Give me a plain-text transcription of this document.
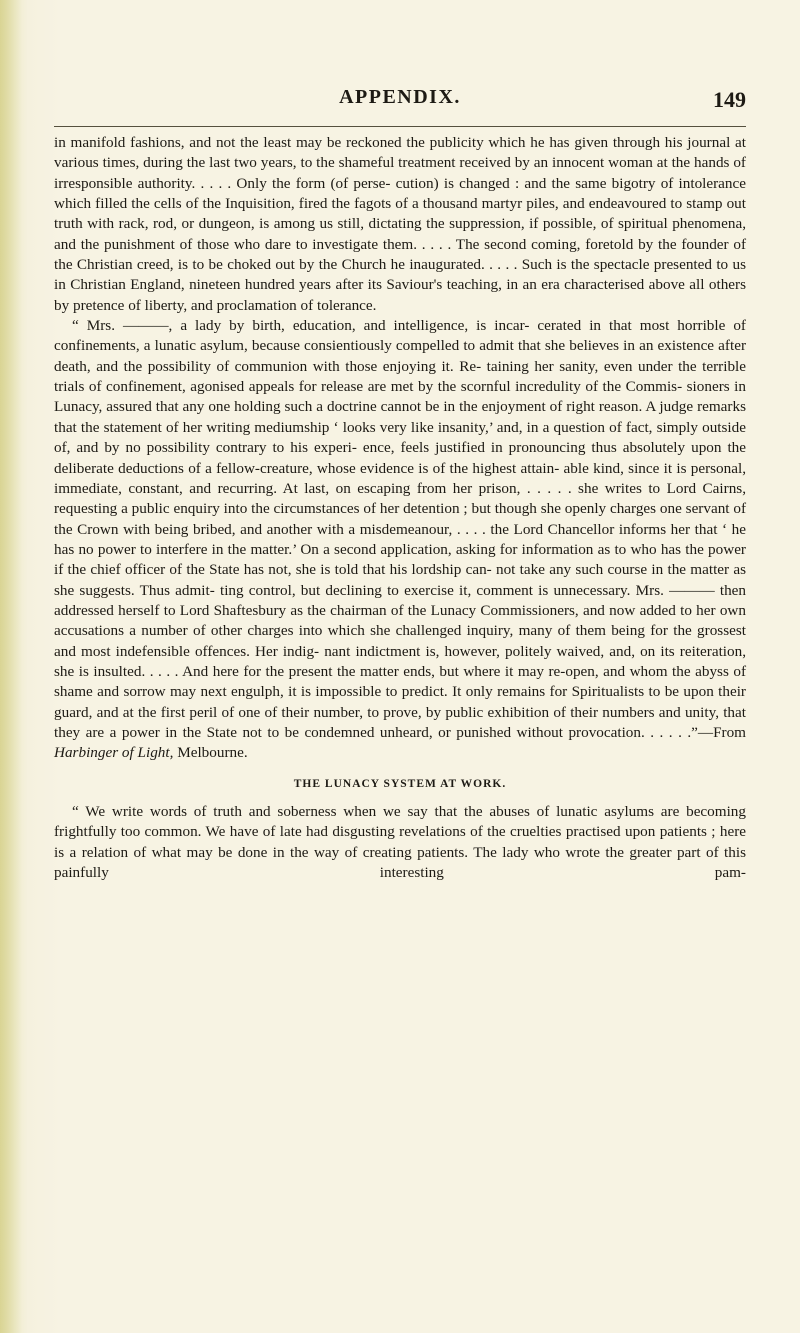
APPENDIX.	149

in manifold fashions, and not the least may be reckoned the publicity which he has given through his journal at various times, during the last two years, to the shameful treatment received by an innocent woman at the hands of irresponsible authority. . . . . Only the form (of perse- cution) is changed : and the same bigotry of intolerance which filled the cells of the Inquisition, fired the fagots of a thousand martyr piles, and endeavoured to stamp out truth with rack, rod, or dungeon, is among us still, dictating the suppression, if possible, of spiritual phenomena, and the punishment of those who dare to investigate them. . . . . The second coming, foretold by the founder of the Christian creed, is to be choked out by the Church he inaugurated. . . . . Such is the spectacle presented to us in Christian England, nineteen hundred years after its Saviour's teaching, in an era characterised above all others by pretence of liberty, and proclamation of tolerance.

“ Mrs. ———, a lady by birth, education, and intelligence, is incar- cerated in that most horrible of confinements, a lunatic asylum, because consientiously compelled to admit that she believes in an existence after death, and the possibility of communion with those enjoying it. Re- taining her sanity, even under the terrible trials of confinement, agonised appeals for release are met by the scornful incredulity of the Commis- sioners in Lunacy, assured that any one holding such a doctrine cannot be in the enjoyment of right reason. A judge remarks that the statement of her writing mediumship ‘ looks very like insanity,’ and, in a question of fact, simply outside of, and by no possibility contrary to his experi- ence, feels justified in pronouncing thus absolutely upon the deliberate deductions of a fellow-creature, whose evidence is of the highest attain- able kind, since it is personal, immediate, constant, and recurring. At last, on escaping from her prison, . . . . . she writes to Lord Cairns, requesting a public enquiry into the circumstances of her detention ; but though she openly charges one servant of the Crown with being bribed, and another with a misdemeanour, . . . . the Lord Chancellor informs her that ‘ he has no power to interfere in the matter.’ On a second application, asking for information as to who has the power if the chief officer of the State has not, she is told that his lordship can- not take any such course in the matter as she suggests. Thus admit- ting control, but declining to exercise it, comment is unnecessary. Mrs. ——— then addressed herself to Lord Shaftesbury as the chairman of the Lunacy Commissioners, and now added to her own accusations a number of other charges into which she challenged inquiry, many of them being for the grossest and most indefensible offences. Her indig- nant indictment is, however, politely waived, and, on its reiteration, she is insulted. . . . . And here for the present the matter ends, but where it may re-open, and whom the abyss of shame and sorrow may next engulph, it is impossible to predict. It only remains for Spiritualists to be upon their guard, and at the first peril of one of their number, to prove, by public exhibition of their numbers and unity, that they are a power in the State not to be condemned unheard, or punished without provocation. . . . . .”—From Harbinger of Light, Melbourne.

THE LUNACY SYSTEM AT WORK.

“ We write words of truth and soberness when we say that the abuses of lunatic asylums are becoming frightfully too common. We have of late had disgusting revelations of the cruelties practised upon patients ; here is a relation of what may be done in the way of creating patients. The lady who wrote the greater part of this painfully interesting pam-
